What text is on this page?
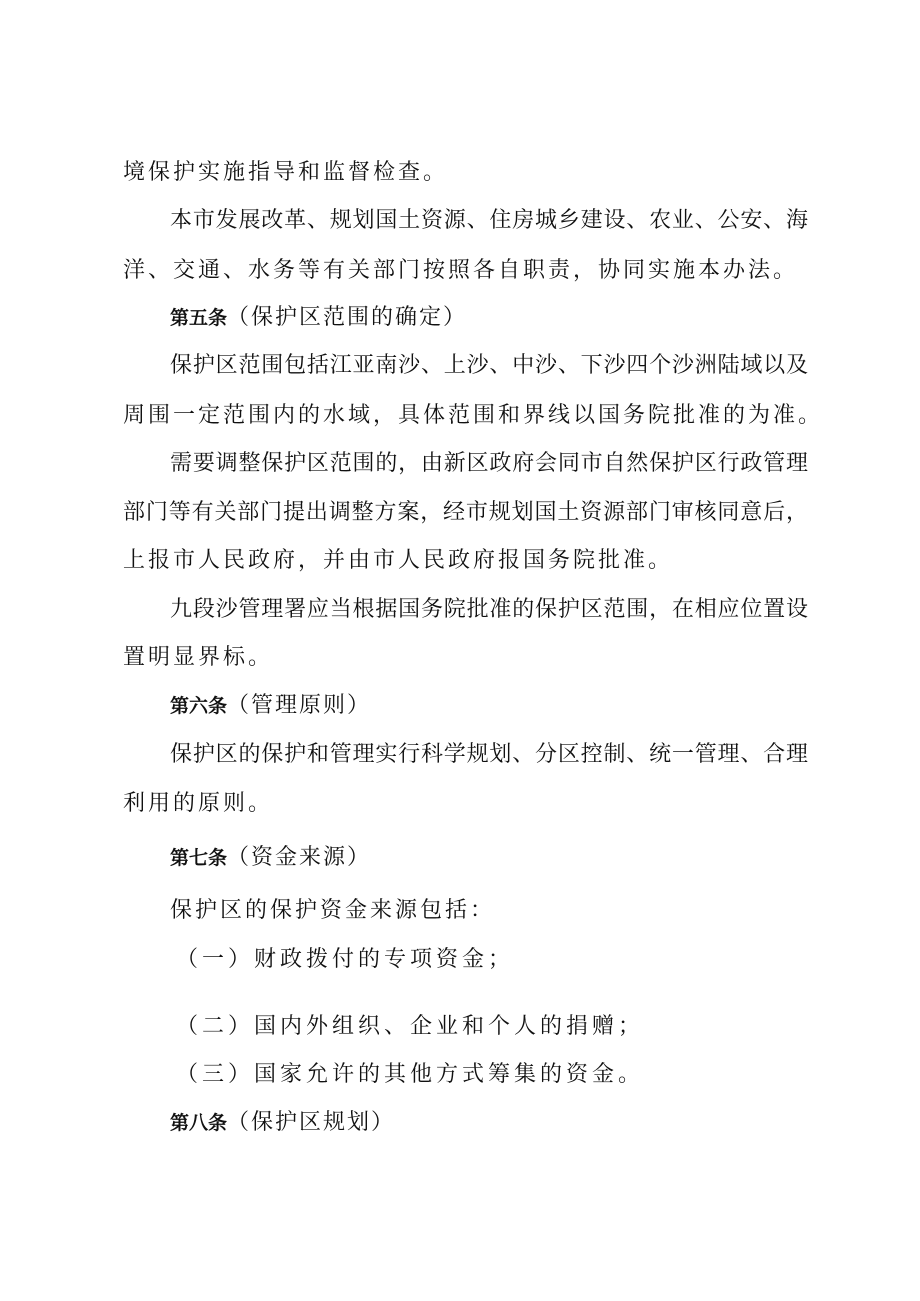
境保护实施指导和监督检查。
本市发展改革、规划国土资源、住房城乡建设、农业、公安、海
洋、交通、水务等有关部门按照各自职责，协同实施本办法。
第五条（保护区范围的确定）
保护区范围包括江亚南沙、上沙、中沙、下沙四个沙洲陆域以及
周围一定范围内的水域，具体范围和界线以国务院批准的为准。
需要调整保护区范围的，由新区政府会同市自然保护区行政管理
部门等有关部门提出调整方案，经市规划国土资源部门审核同意后，
上报市人民政府，并由市人民政府报国务院批准。
九段沙管理署应当根据国务院批准的保护区范围，在相应位置设
置明显界标。
第六条（管理原则）
保护区的保护和管理实行科学规划、分区控制、统一管理、合理
利用的原则。
第七条（资金来源）
保护区的保护资金来源包括：
（一）财政拨付的专项资金；
（二）国内外组织、企业和个人的捐赠；
（三）国家允许的其他方式筹集的资金。
第八条（保护区规划）
